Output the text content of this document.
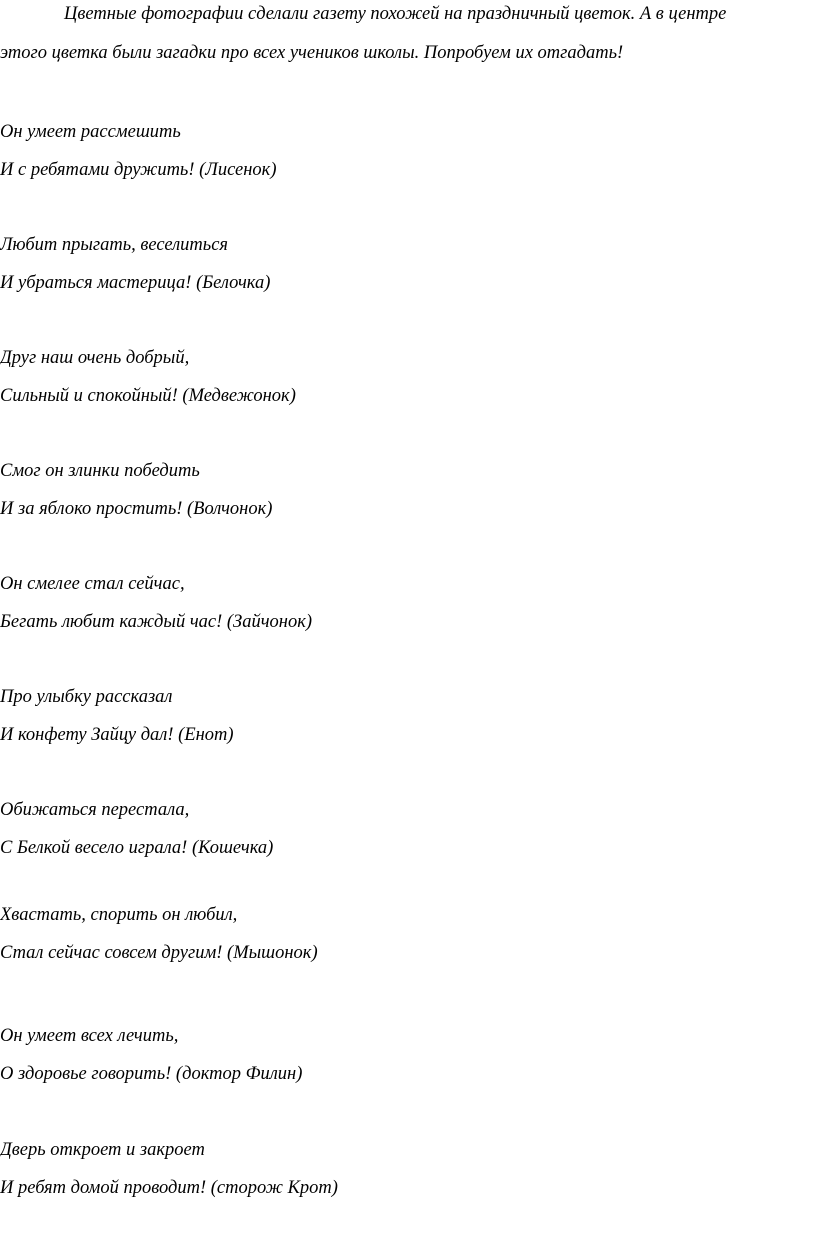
Цветные фотографии сделали газету похожей на праздничный цветок. А в центре
этого цветка были загадки про всех учеников школы. Попробуем их отгадать!
Он умеет рассмешить
И с ребятами дружить! (Лисенок)
Любит прыгать, веселиться
И убраться мастерица! (Белочка)
Друг наш очень добрый,
Сильный и спокойный! (Медвежонок)
Смог он злинки победить
И за яблоко простить! (Волчонок)
Он смелее стал сейчас,
Бегать любит каждый час! (Зайчонок)
Про улыбку рассказал
И конфету Зайцу дал! (Енот)
Обижаться перестала,
С Белкой весело играла! (Кошечка)
Хвастать, спорить он любил,
Стал сейчас совсем другим! (Мышонок)
Он умеет всех лечить,
О здоровье говорить! (доктор Филин)
Дверь откроет и закроет
И ребят домой проводит! (сторож Крот)
